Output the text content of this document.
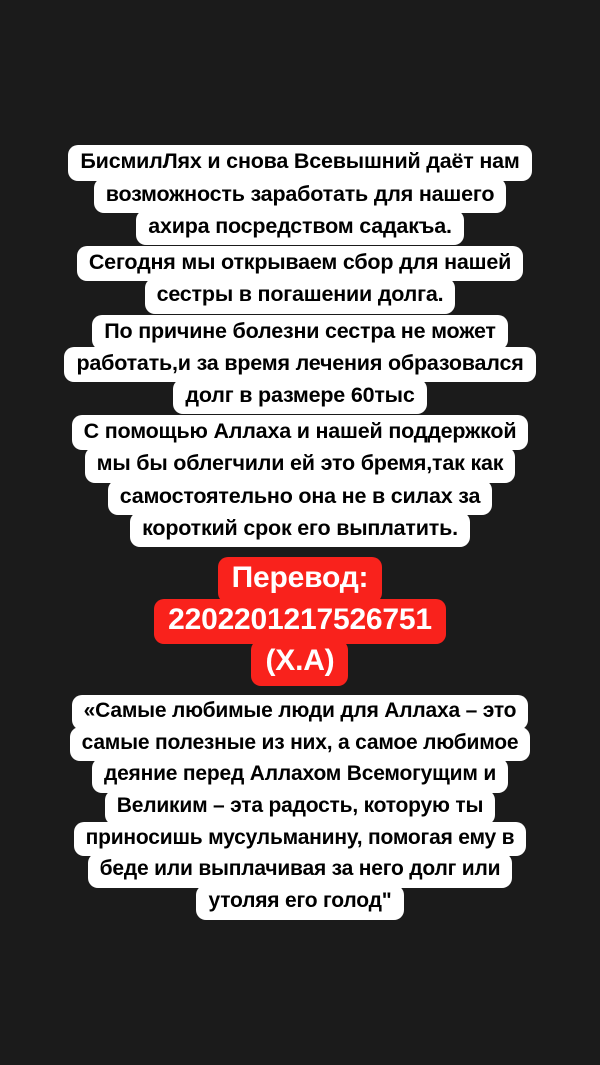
БисмилЛях и снова Всевышний даёт нам
возможность заработать для нашего
ахира посредством садакъа.
Сегодня мы открываем сбор для нашей
сестры в погашении долга.
По причине болезни сестра не может
работать,и за время лечения образовался
долг в размере 60тыс
С помощью Аллаха и нашей поддержкой
мы бы облегчили ей это бремя,так как
самостоятельно она не в силах за
короткий срок его выплатить.
Перевод:
2202201217526751
(Х.А)
«Самые любимые люди для Аллаха – это
самые полезные из них, а самое любимое
деяние перед Аллахом Всемогущим и
Великим – эта радость, которую ты
приносишь мусульманину, помогая ему в
беде или выплачивая за него долг или
утоляя его голод"
